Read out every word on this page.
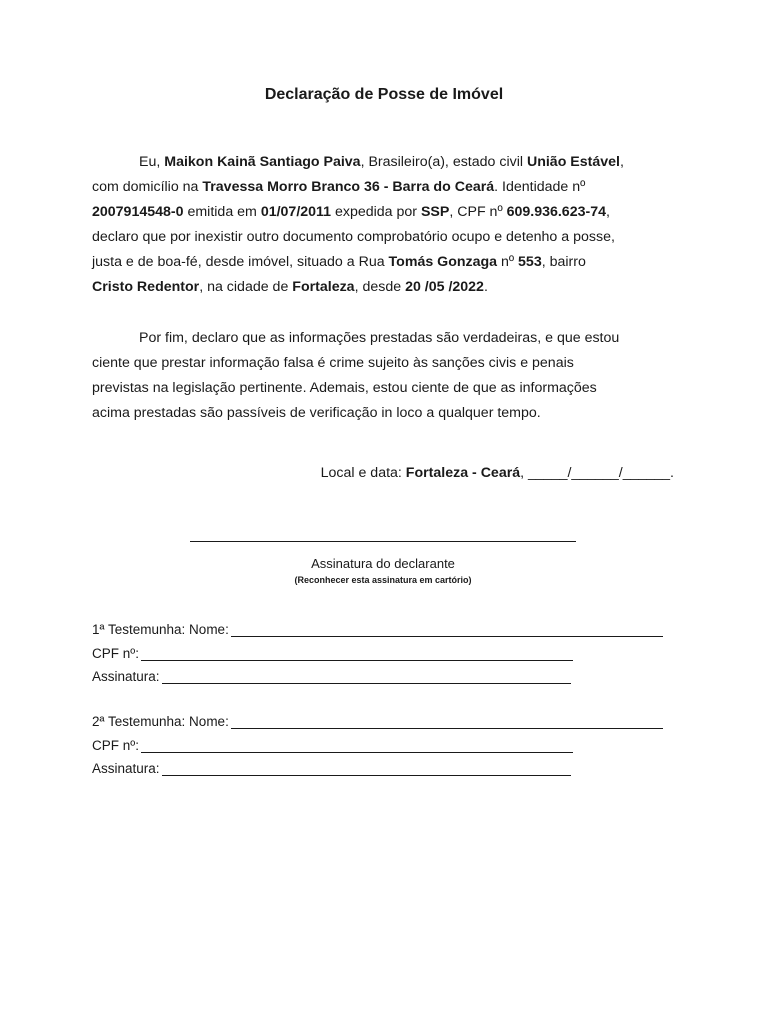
Declaração de Posse de Imóvel
Eu, Maikon Kainã Santiago Paiva, Brasileiro(a), estado civil União Estável,
com domicílio na Travessa Morro Branco 36 - Barra do Ceará. Identidade nº
2007914548-0 emitida em 01/07/2011 expedida por SSP, CPF nº 609.936.623-74,
declaro que por inexistir outro documento comprobatório ocupo e detenho a posse,
justa e de boa-fé, desde imóvel, situado a Rua Tomás Gonzaga nº 553, bairro
Cristo Redentor, na cidade de Fortaleza, desde 20 /05 /2022.
Por fim, declaro que as informações prestadas são verdadeiras, e que estou
ciente que prestar informação falsa é crime sujeito às sanções civis e penais
previstas na legislação pertinente. Ademais, estou ciente de que as informações
acima prestadas são passíveis de verificação in loco a qualquer tempo.
Local e data: Fortaleza - Ceará, _____/______/______.
Assinatura do declarante
(Reconhecer esta assinatura em cartório)
1ª Testemunha: Nome:
CPF nº:
Assinatura:
2ª Testemunha: Nome:
CPF nº:
Assinatura:
